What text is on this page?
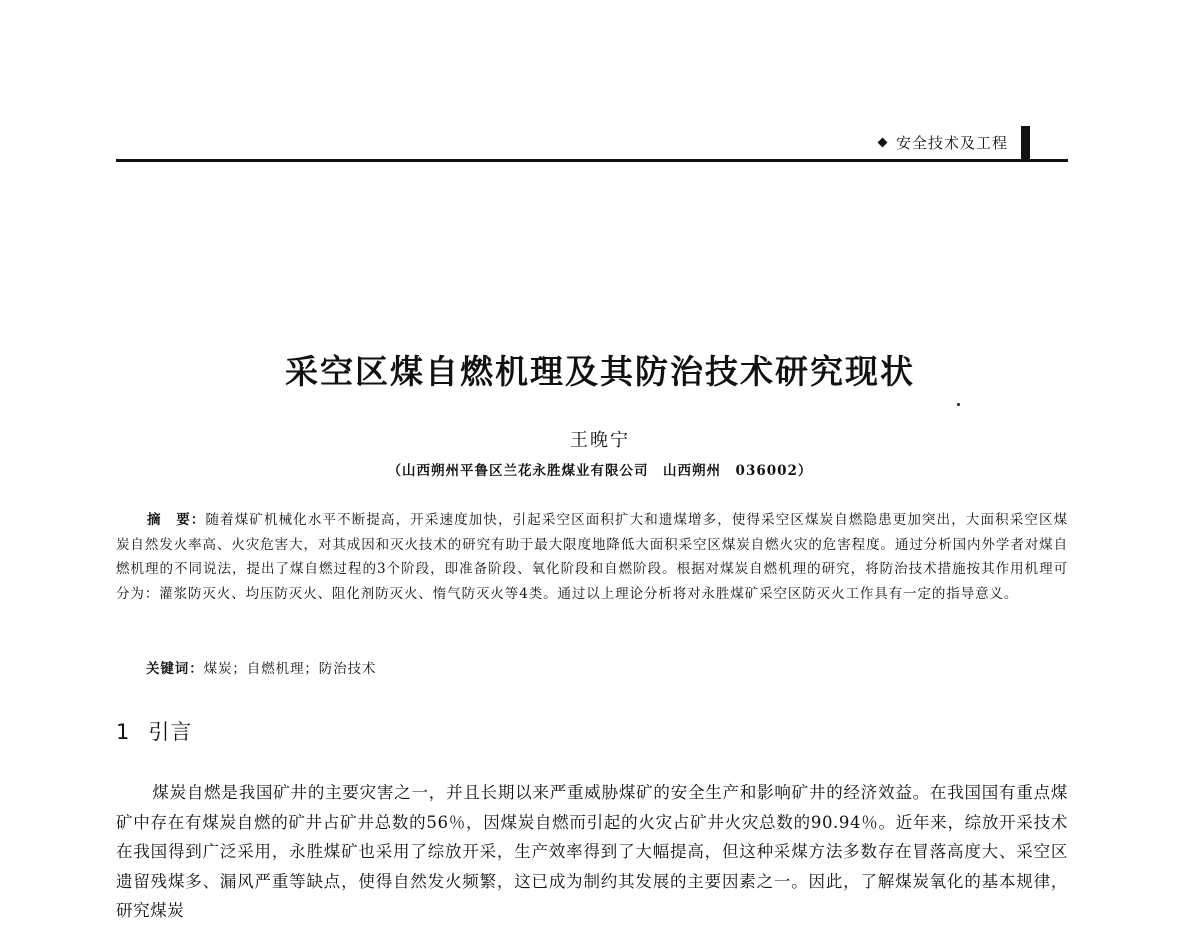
安全技术及工程
采空区煤自燃机理及其防治技术研究现状
王晚宁
（山西朔州平鲁区兰花永胜煤业有限公司　山西朔州　036002）
摘　要：随着煤矿机械化水平不断提高，开采速度加快，引起采空区面积扩大和遗煤增多，使得采空区煤炭自燃隐患更加突出，大面积采空区煤炭自然发火率高、火灾危害大，对其成因和灭火技术的研究有助于最大限度地降低大面积采空区煤炭自燃火灾的危害程度。通过分析国内外学者对煤自燃机理的不同说法，提出了煤自燃过程的3个阶段，即准备阶段、氧化阶段和自燃阶段。根据对煤炭自燃机理的研究，将防治技术措施按其作用机理可分为：灌浆防灭火、均压防灭火、阻化剂防灭火、惰气防灭火等4类。通过以上理论分析将对永胜煤矿采空区防灭火工作具有一定的指导意义。
关键词：煤炭；自燃机理；防治技术
1 引言
煤炭自燃是我国矿井的主要灾害之一，并且长期以来严重威胁煤矿的安全生产和影响矿井的经济效益。在我国国有重点煤矿中存在有煤炭自燃的矿井占矿井总数的56％，因煤炭自燃而引起的火灾占矿井火灾总数的90.94％。近年来，综放开采技术在我国得到广泛采用，永胜煤矿也采用了综放开采，生产效率得到了大幅提高，但这种采煤方法多数存在冒落高度大、采空区遗留残煤多、漏风严重等缺点，使得自然发火频繁，这已成为制约其发展的主要因素之一。因此，了解煤炭氧化的基本规律，研究煤炭
